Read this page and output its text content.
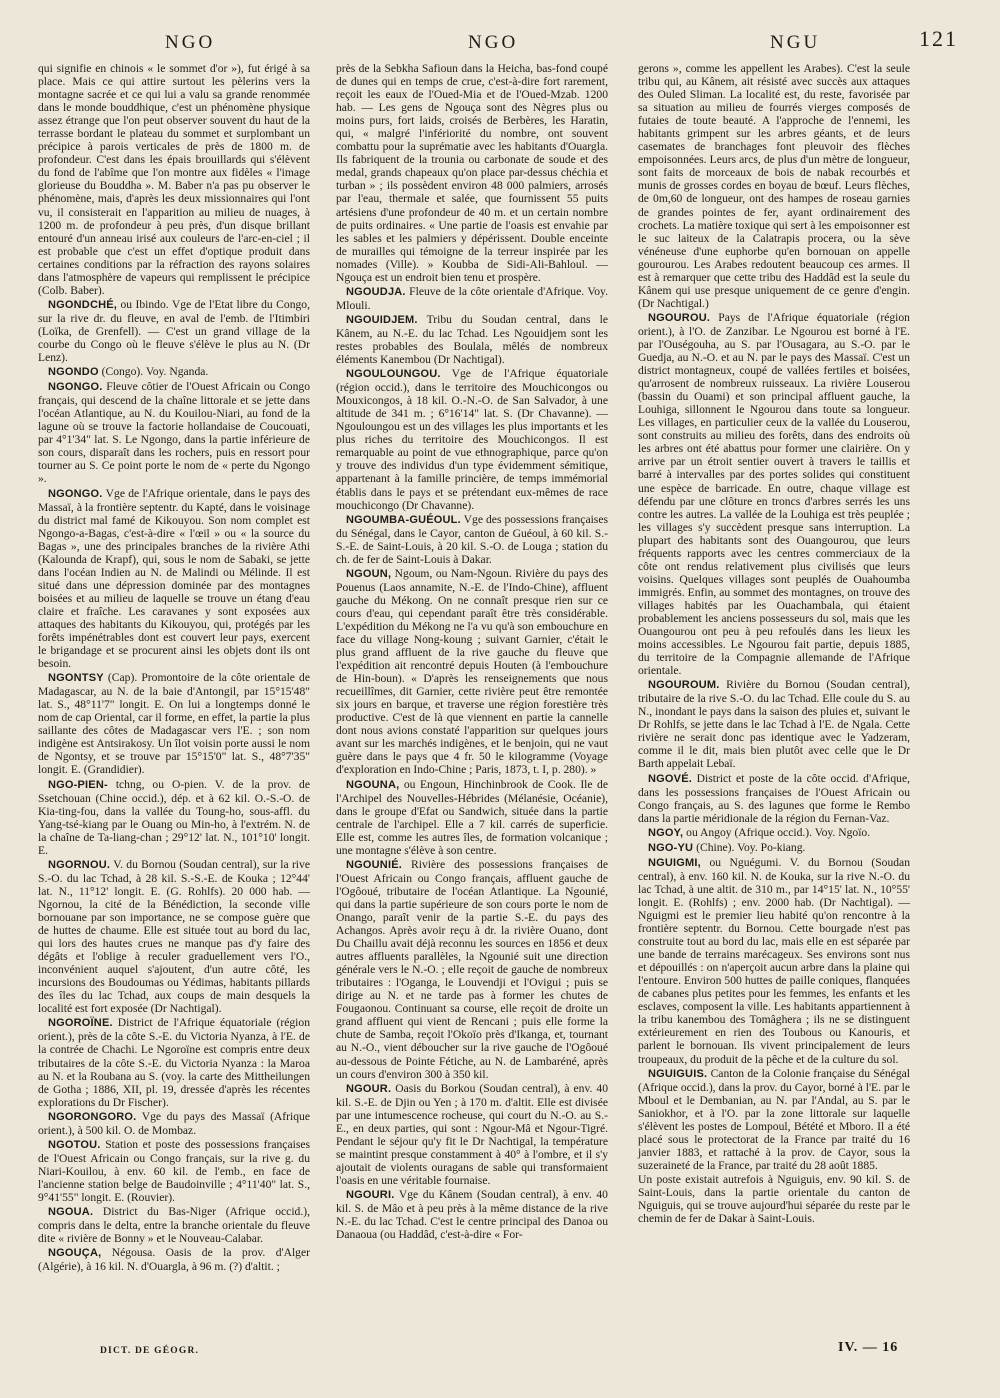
NGO	NGO	NGU	121

qui signifie en chinois « le sommet d'or »), fut érigé à sa place. Mais ce qui attire surtout les pèlerins vers la montagne sacrée et ce qui lui a valu sa grande renommée dans le monde bouddhique, c'est un phénomène physique assez étrange que l'on peut observer souvent du haut de la terrasse bordant le plateau du sommet et surplombant un précipice à parois verticales de près de 1800 m. de profondeur. C'est dans les épais brouillards qui s'élèvent du fond de l'abîme que l'on montre aux fidèles « l'image glorieuse du Bouddha ». M. Baber n'a pas pu observer le phénomène, mais, d'après les deux missionnaires qui l'ont vu, il consisterait en l'apparition au milieu de nuages, à 1200 m. de profondeur à peu près, d'un disque brillant entouré d'un anneau irisé aux couleurs de l'arc-en-ciel ; il est probable que c'est un effet d'optique produit dans certaines conditions par la réfraction des rayons solaires dans l'atmosphère de vapeurs qui remplissent le précipice (Colb. Baber).

NGONDCHÉ, ou Ibindo. Vge de l'Etat libre du Congo, sur la rive dr. du fleuve, en aval de l'emb. de l'Itimbiri (Loïka, de Grenfell). — C'est un grand village de la courbe du Congo où le fleuve s'élève le plus au N. (Dr Lenz).

NGONDO (Congo). Voy. Nganda.

NGONGO. Fleuve côtier de l'Ouest Africain ou Congo français, qui descend de la chaîne littorale et se jette dans l'océan Atlantique, au N. du Kouilou-Niari, au fond de la lagune où se trouve la factorie hollandaise de Coucouati, par 4°1'34" lat. S. Le Ngongo, dans la partie inférieure de son cours, disparaît dans les rochers, puis en ressort pour tourner au S. Ce point porte le nom de « perte du Ngongo ».

NGONGO. Vge de l'Afrique orientale, dans le pays des Massaï, à la frontière septentr. du Kapté, dans le voisinage du district mal famé de Kikouyou. Son nom complet est Ngongo-a-Bagas, c'est-à-dire « l'œil » ou « la source du Bagas », une des principales branches de la rivière Athi (Kalounda de Krapf), qui, sous le nom de Sabaki, se jette dans l'océan Indien au N. de Malindi ou Mélinde. Il est situé dans une dépression dominée par des montagnes boisées et au milieu de laquelle se trouve un étang d'eau claire et fraîche. Les caravanes y sont exposées aux attaques des habitants du Kikouyou, qui, protégés par les forêts impénétrables dont est couvert leur pays, exercent le brigandage et se procurent ainsi les objets dont ils ont besoin.

NGONTSY (Cap). Promontoire de la côte orientale de Madagascar, au N. de la baie d'Antongil, par 15°15'48" lat. S., 48°11'7" longit. E. On lui a longtemps donné le nom de cap Oriental, car il forme, en effet, la partie la plus saillante des côtes de Madagascar vers l'E. ; son nom indigène est Antsirakosy. Un îlot voisin porte aussi le nom de Ngontsy, et se trouve par 15°15'0" lat. S., 48°7'35" longit. E. (Grandidier).

NGO-PIEN- tchng, ou O-pien. V. de la prov. de Ssetchouan (Chine occid.), dép. et à 62 kil. O.-S.-O. de Kia-ting-fou, dans la vallée du Toung-ho, sous-affl. du Yang-tsé-kiang par le Ouang ou Min-ho, à l'extrém. N. de la chaîne de Ta-liang-chan ; 29°12' lat. N., 101°10' longit. E.

NGORNOU. V. du Bornou (Soudan central), sur la rive S.-O. du lac Tchad, à 28 kil. S.-S.-E. de Kouka ; 12°44' lat. N., 11°12' longit. E. (G. Rohlfs). 20 000 hab. — Ngornou, la cité de la Bénédiction, la seconde ville bornouane par son importance, ne se compose guère que de huttes de chaume. Elle est située tout au bord du lac, qui lors des hautes crues ne manque pas d'y faire des dégâts et l'oblige à reculer graduellement vers l'O., inconvénient auquel s'ajoutent, d'un autre côté, les incursions des Boudoumas ou Yédimas, habitants pillards des îles du lac Tchad, aux coups de main desquels la localité est fort exposée (Dr Nachtigal).

NGOROÏNE. District de l'Afrique équatoriale (région orient.), près de la côte S.-E. du Victoria Nyanza, à l'E. de la contrée de Chachi. Le Ngoroïne est compris entre deux tributaires de la côte S.-E. du Victoria Nyanza : la Maroa au N. et la Roubana au S. (voy. la carte des Mittheilungen de Gotha ; 1886, XII, pl. 19, dressée d'après les récentes explorations du Dr Fischer).

NGORONGORO. Vge du pays des Massaï (Afrique orient.), à 500 kil. O. de Mombaz.

NGOTOU. Station et poste des possessions françaises de l'Ouest Africain ou Congo français, sur la rive g. du Niari-Kouilou, à env. 60 kil. de l'emb., en face de l'ancienne station belge de Baudoinville ; 4°11'40" lat. S., 9°41'55" longit. E. (Rouvier).

NGOUA. District du Bas-Niger (Afrique occid.), compris dans le delta, entre la branche orientale du fleuve dite « rivière de Bonny » et le Nouveau-Calabar.

NGOUÇA, Négousa. Oasis de la prov. d'Alger (Algérie), à 16 kil. N. d'Ouargla, à 96 m. (?) d'altit. ;

près de la Sebkha Safioun dans la Heicha, bas-fond coupé de dunes qui en temps de crue, c'est-à-dire fort rarement, reçoit les eaux de l'Oued-Mia et de l'Oued-Mzab. 1200 hab. — Les gens de Ngouça sont des Nègres plus ou moins purs, fort laids, croisés de Berbères, les Haratin, qui, « malgré l'infériorité du nombre, ont souvent combattu pour la suprématie avec les habitants d'Ouargla. Ils fabriquent de la trounia ou carbonate de soude et des medal, grands chapeaux qu'on place par-dessus chéchia et turban » ; ils possèdent environ 48 000 palmiers, arrosés par l'eau, thermale et salée, que fournissent 55 puits artésiens d'une profondeur de 40 m. et un certain nombre de puits ordinaires. « Une partie de l'oasis est envahie par les sables et les palmiers y dépérissent. Double enceinte de murailles qui témoigne de la terreur inspirée par les nomades (Ville). » Koubba de Sidi-Ali-Bahloul. — Ngouça est un endroit bien tenu et prospère.

NGOUDJA. Fleuve de la côte orientale d'Afrique. Voy. Mlouli.

NGOUIDJEM. Tribu du Soudan central, dans le Kânem, au N.-E. du lac Tchad. Les Ngouidjem sont les restes probables des Boulala, mêlés de nombreux éléments Kanembou (Dr Nachtigal).

NGOULOUNGOU. Vge de l'Afrique équatoriale (région occid.), dans le territoire des Mouchicongos ou Mouxicongos, à 18 kil. O.-N.-O. de San Salvador, à une altitude de 341 m. ; 6°16'14" lat. S. (Dr Chavanne). — Ngouloungou est un des villages les plus importants et les plus riches du territoire des Mouchicongos. Il est remarquable au point de vue ethnographique, parce qu'on y trouve des individus d'un type évidemment sémitique, appartenant à la famille princière, de temps immémorial établis dans le pays et se prétendant eux-mêmes de race mouchicongo (Dr Chavanne).

NGOUMBA-GUÉOUL. Vge des possessions françaises du Sénégal, dans le Cayor, canton de Guéoul, à 60 kil. S.-S.-E. de Saint-Louis, à 20 kil. S.-O. de Louga ; station du ch. de fer de Saint-Louis à Dakar.

NGOUN, Ngoum, ou Nam-Ngoun. Rivière du pays des Pouenus (Laos annamite, N.-E. de l'Indo-Chine), affluent gauche du Mékong. On ne connaît presque rien sur ce cours d'eau, qui cependant paraît être très considérable. L'expédition du Mékong ne l'a vu qu'à son embouchure en face du village Nong-koung ; suivant Garnier, c'était le plus grand affluent de la rive gauche du fleuve que l'expédition ait rencontré depuis Houten (à l'embouchure de Hin-boun). « D'après les renseignements que nous recueillîmes, dit Garnier, cette rivière peut être remontée six jours en barque, et traverse une région forestière très productive. C'est de là que viennent en partie la cannelle dont nous avions constaté l'apparition sur quelques jours avant sur les marchés indigènes, et le benjoin, qui ne vaut guère dans le pays que 4 fr. 50 le kilogramme (Voyage d'exploration en Indo-Chine ; Paris, 1873, t. I, p. 280). »

NGOUNA, ou Engoun, Hinchinbrook de Cook. Ile de l'Archipel des Nouvelles-Hébrides (Mélanésie, Océanie), dans le groupe d'Efat ou Sandwich, située dans la partie centrale de l'archipel. Elle a 7 kil. carrés de superficie. Elle est, comme les autres îles, de formation volcanique ; une montagne s'élève à son centre.

NGOUNIÉ. Rivière des possessions françaises de l'Ouest Africain ou Congo français, affluent gauche de l'Ogôoué, tributaire de l'océan Atlantique. La Ngounié, qui dans la partie supérieure de son cours porte le nom de Onango, paraît venir de la partie S.-E. du pays des Achangos. Après avoir reçu à dr. la rivière Ouano, dont Du Chaillu avait déjà reconnu les sources en 1856 et deux autres affluents parallèles, la Ngounié suit une direction générale vers le N.-O. ; elle reçoit de gauche de nombreux tributaires : l'Oganga, le Louvendji et l'Ovigui ; puis se dirige au N. et ne tarde pas à former les chutes de Fougaonou. Continuant sa course, elle reçoit de droite un grand affluent qui vient de Rencani ; puis elle forme la chute de Samba, reçoit l'Okoïo près d'Ikanga, et, tournant au N.-O., vient déboucher sur la rive gauche de l'Ogôoué au-dessous de Pointe Fétiche, au N. de Lambaréné, après un cours d'environ 300 à 350 kil.

NGOUR. Oasis du Borkou (Soudan central), à env. 40 kil. S.-E. de Djin ou Yen ; à 170 m. d'altit. Elle est divisée par une intumescence rocheuse, qui court du N.-O. au S.-E., en deux parties, qui sont : Ngour-Mâ et Ngour-Tigré. Pendant le séjour qu'y fit le Dr Nachtigal, la température se maintint presque constamment à 40° à l'ombre, et il s'y ajoutait de violents ouragans de sable qui transformaient l'oasis en une véritable fournaise.

NGOURI. Vge du Kânem (Soudan central), à env. 40 kil. S. de Mâo et à peu près à la même distance de la rive N.-E. du lac Tchad. C'est le centre principal des Danoa ou Danaoua (ou Haddâd, c'est-à-dire « For-

gerons », comme les appellent les Arabes). C'est la seule tribu qui, au Kânem, ait résisté avec succès aux attaques des Ouled Sliman. La localité est, du reste, favorisée par sa situation au milieu de fourrés vierges composés de futaies de toute beauté. A l'approche de l'ennemi, les habitants grimpent sur les arbres géants, et de leurs casemates de branchages font pleuvoir des flèches empoisonnées. Leurs arcs, de plus d'un mètre de longueur, sont faits de morceaux de bois de nabak recourbés et munis de grosses cordes en boyau de bœuf. Leurs flèches, de 0m,60 de longueur, ont des hampes de roseau garnies de grandes pointes de fer, ayant ordinairement des crochets. La matière toxique qui sert à les empoisonner est le suc laiteux de la Calatrapis procera, ou la sève vénéneuse d'une euphorbe qu'en bornouan on appelle gourourou. Les Arabes redoutent beaucoup ces armes. Il est à remarquer que cette tribu des Haddâd est la seule du Kânem qui use presque uniquement de ce genre d'engin. (Dr Nachtigal.)

NGOUROU. Pays de l'Afrique équatoriale (région orient.), à l'O. de Zanzibar. Le Ngourou est borné à l'E. par l'Ouségouha, au S. par l'Ousagara, au S.-O. par le Guedja, au N.-O. et au N. par le pays des Massaï. C'est un district montagneux, coupé de vallées fertiles et boisées, qu'arrosent de nombreux ruisseaux. La rivière Louserou (bassin du Ouami) et son principal affluent gauche, la Louhiga, sillonnent le Ngourou dans toute sa longueur. Les villages, en particulier ceux de la vallée du Louserou, sont construits au milieu des forêts, dans des endroits où les arbres ont été abattus pour former une clairière. On y arrive par un étroit sentier ouvert à travers le taillis et barré à intervalles par des portes solides qui constituent une espèce de barricade. En outre, chaque village est défendu par une clôture en troncs d'arbres serrés les uns contre les autres. La vallée de la Louhiga est très peuplée ; les villages s'y succèdent presque sans interruption. La plupart des habitants sont des Ouangourou, que leurs fréquents rapports avec les centres commerciaux de la côte ont rendus relativement plus civilisés que leurs voisins. Quelques villages sont peuplés de Ouahoumba immigrés. Enfin, au sommet des montagnes, on trouve des villages habités par les Ouachambala, qui étaient probablement les anciens possesseurs du sol, mais que les Ouangourou ont peu à peu refoulés dans les lieux les moins accessibles. Le Ngourou fait partie, depuis 1885, du territoire de la Compagnie allemande de l'Afrique orientale.

NGOUROUM. Rivière du Bornou (Soudan central), tributaire de la rive S.-O. du lac Tchad. Elle coule du S. au N., inondant le pays dans la saison des pluies et, suivant le Dr Rohlfs, se jette dans le lac Tchad à l'E. de Ngala. Cette rivière ne serait donc pas identique avec le Yadzeram, comme il le dit, mais bien plutôt avec celle que le Dr Barth appelait Lebaï.

NGOVÉ. District et poste de la côte occid. d'Afrique, dans les possessions françaises de l'Ouest Africain ou Congo français, au S. des lagunes que forme le Rembo dans la partie méridionale de la région du Fernan-Vaz.

NGOY, ou Angoy (Afrique occid.). Voy. Ngoïo.

NGO-YU (Chine). Voy. Po-kiang.

NGUIGMI, ou Nguégumi. V. du Bornou (Soudan central), à env. 160 kil. N. de Kouka, sur la rive N.-O. du lac Tchad, à une altit. de 310 m., par 14°15' lat. N., 10°55' longit. E. (Rohlfs) ; env. 2000 hab. (Dr Nachtigal). — Nguigmi est le premier lieu habité qu'on rencontre à la frontière septentr. du Bornou. Cette bourgade n'est pas construite tout au bord du lac, mais elle en est séparée par une bande de terrains marécageux. Ses environs sont nus et dépouillés : on n'aperçoit aucun arbre dans la plaine qui l'entoure. Environ 500 huttes de paille coniques, flanquées de cabanes plus petites pour les femmes, les enfants et les esclaves, composent la ville. Les habitants appartiennent à la tribu kanembou des Tomâghera ; ils ne se distinguent extérieurement en rien des Toubous ou Kanouris, et parlent le bornouan. Ils vivent principalement de leurs troupeaux, du produit de la pêche et de la culture du sol.

NGUIGUIS. Canton de la Colonie française du Sénégal (Afrique occid.), dans la prov. du Cayor, borné à l'E. par le Mboul et le Dembanian, au N. par l'Andal, au S. par le Saniokhor, et à l'O. par la zone littorale sur laquelle s'élèvent les postes de Lompoul, Bétété et Mboro. Il a été placé sous le protectorat de la France par traité du 16 janvier 1883, et rattaché à la prov. de Cayor, sous la suzeraineté de la France, par traité du 28 août 1885.

Un poste existait autrefois à Nguiguis, env. 90 kil. S. de Saint-Louis, dans la partie orientale du canton de Nguiguis, qui se trouve aujourd'hui séparée du reste par le chemin de fer de Dakar à Saint-Louis.

DICT. DE GÉOGR.	IV. — 16
